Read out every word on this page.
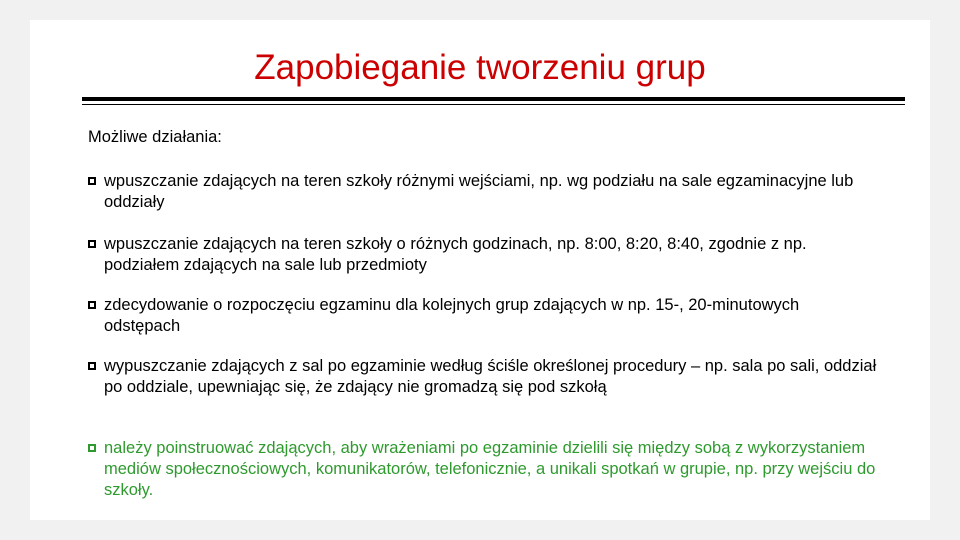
Zapobieganie tworzeniu grup
Możliwe działania:
wpuszczanie zdających na teren szkoły różnymi wejściami, np. wg podziału na sale egzaminacyjne lub oddziały
wpuszczanie zdających na teren szkoły o różnych godzinach, np. 8:00, 8:20, 8:40, zgodnie z np. podziałem zdających na sale lub przedmioty
zdecydowanie o rozpoczęciu egzaminu dla kolejnych grup zdających w np. 15-, 20-minutowych odstępach
wypuszczanie zdających z sal po egzaminie według ściśle określonej procedury – np. sala po sali, oddział po oddziale, upewniając się, że zdający nie gromadzą się pod szkołą
należy poinstruować zdających, aby wrażeniami po egzaminie dzielili się między sobą z wykorzystaniem mediów społecznościowych, komunikatorów, telefonicznie, a unikali spotkań w grupie, np. przy wejściu do szkoły.
